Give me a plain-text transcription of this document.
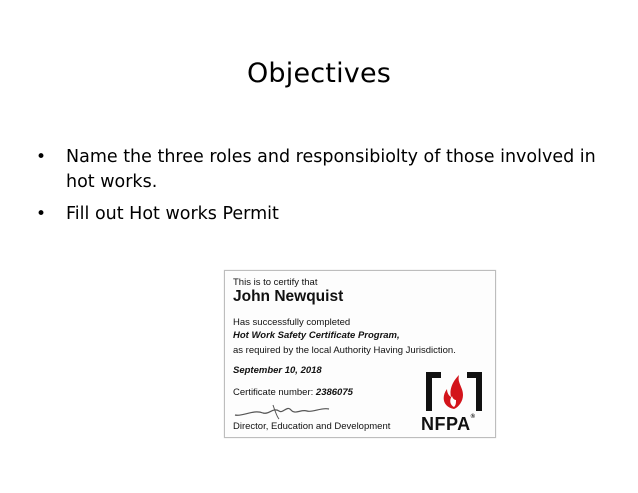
Objectives
• Name the three roles and responsibiolty of those involved in hot works.
• Fill out Hot works Permit
This is to certify that
John Newquist
Has successfully completed
Hot Work Safety Certificate Program,
as required by the local Authority Having Jurisdiction.
September 10, 2018
Certificate number: 2386075
Director, Education and Development NFPA®
